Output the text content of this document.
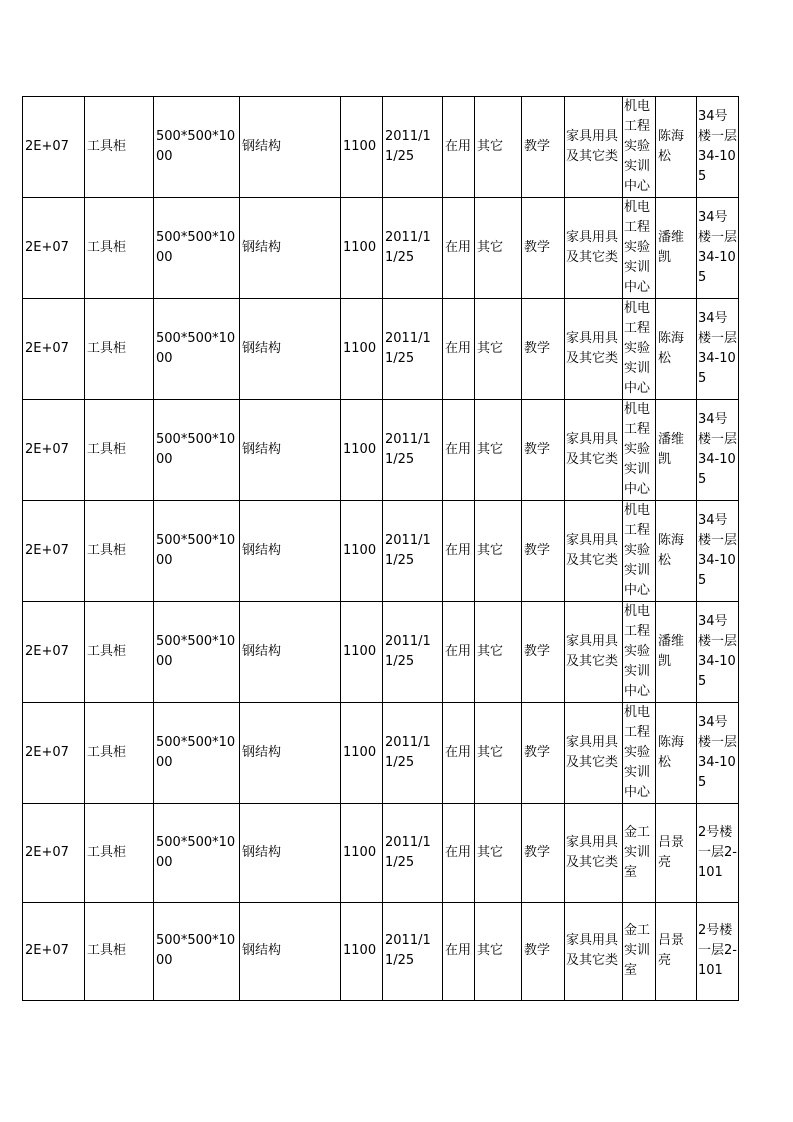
2E+07	工具柜	500*500*1000	钢结构	1100	2011/11/25	在用	其它	教学	家具用具及其它类	机电工程实验实训中心	陈海松	34号楼一层34-105
2E+07	工具柜	500*500*1000	钢结构	1100	2011/11/25	在用	其它	教学	家具用具及其它类	机电工程实验实训中心	潘维凯	34号楼一层34-105
2E+07	工具柜	500*500*1000	钢结构	1100	2011/11/25	在用	其它	教学	家具用具及其它类	机电工程实验实训中心	陈海松	34号楼一层34-105
2E+07	工具柜	500*500*1000	钢结构	1100	2011/11/25	在用	其它	教学	家具用具及其它类	机电工程实验实训中心	潘维凯	34号楼一层34-105
2E+07	工具柜	500*500*1000	钢结构	1100	2011/11/25	在用	其它	教学	家具用具及其它类	机电工程实验实训中心	陈海松	34号楼一层34-105
2E+07	工具柜	500*500*1000	钢结构	1100	2011/11/25	在用	其它	教学	家具用具及其它类	机电工程实验实训中心	潘维凯	34号楼一层34-105
2E+07	工具柜	500*500*1000	钢结构	1100	2011/11/25	在用	其它	教学	家具用具及其它类	机电工程实验实训中心	陈海松	34号楼一层34-105
2E+07	工具柜	500*500*1000	钢结构	1100	2011/11/25	在用	其它	教学	家具用具及其它类	金工实训室	吕景亮	2号楼一层2-101
2E+07	工具柜	500*500*1000	钢结构	1100	2011/11/25	在用	其它	教学	家具用具及其它类	金工实训室	吕景亮	2号楼一层2-101
